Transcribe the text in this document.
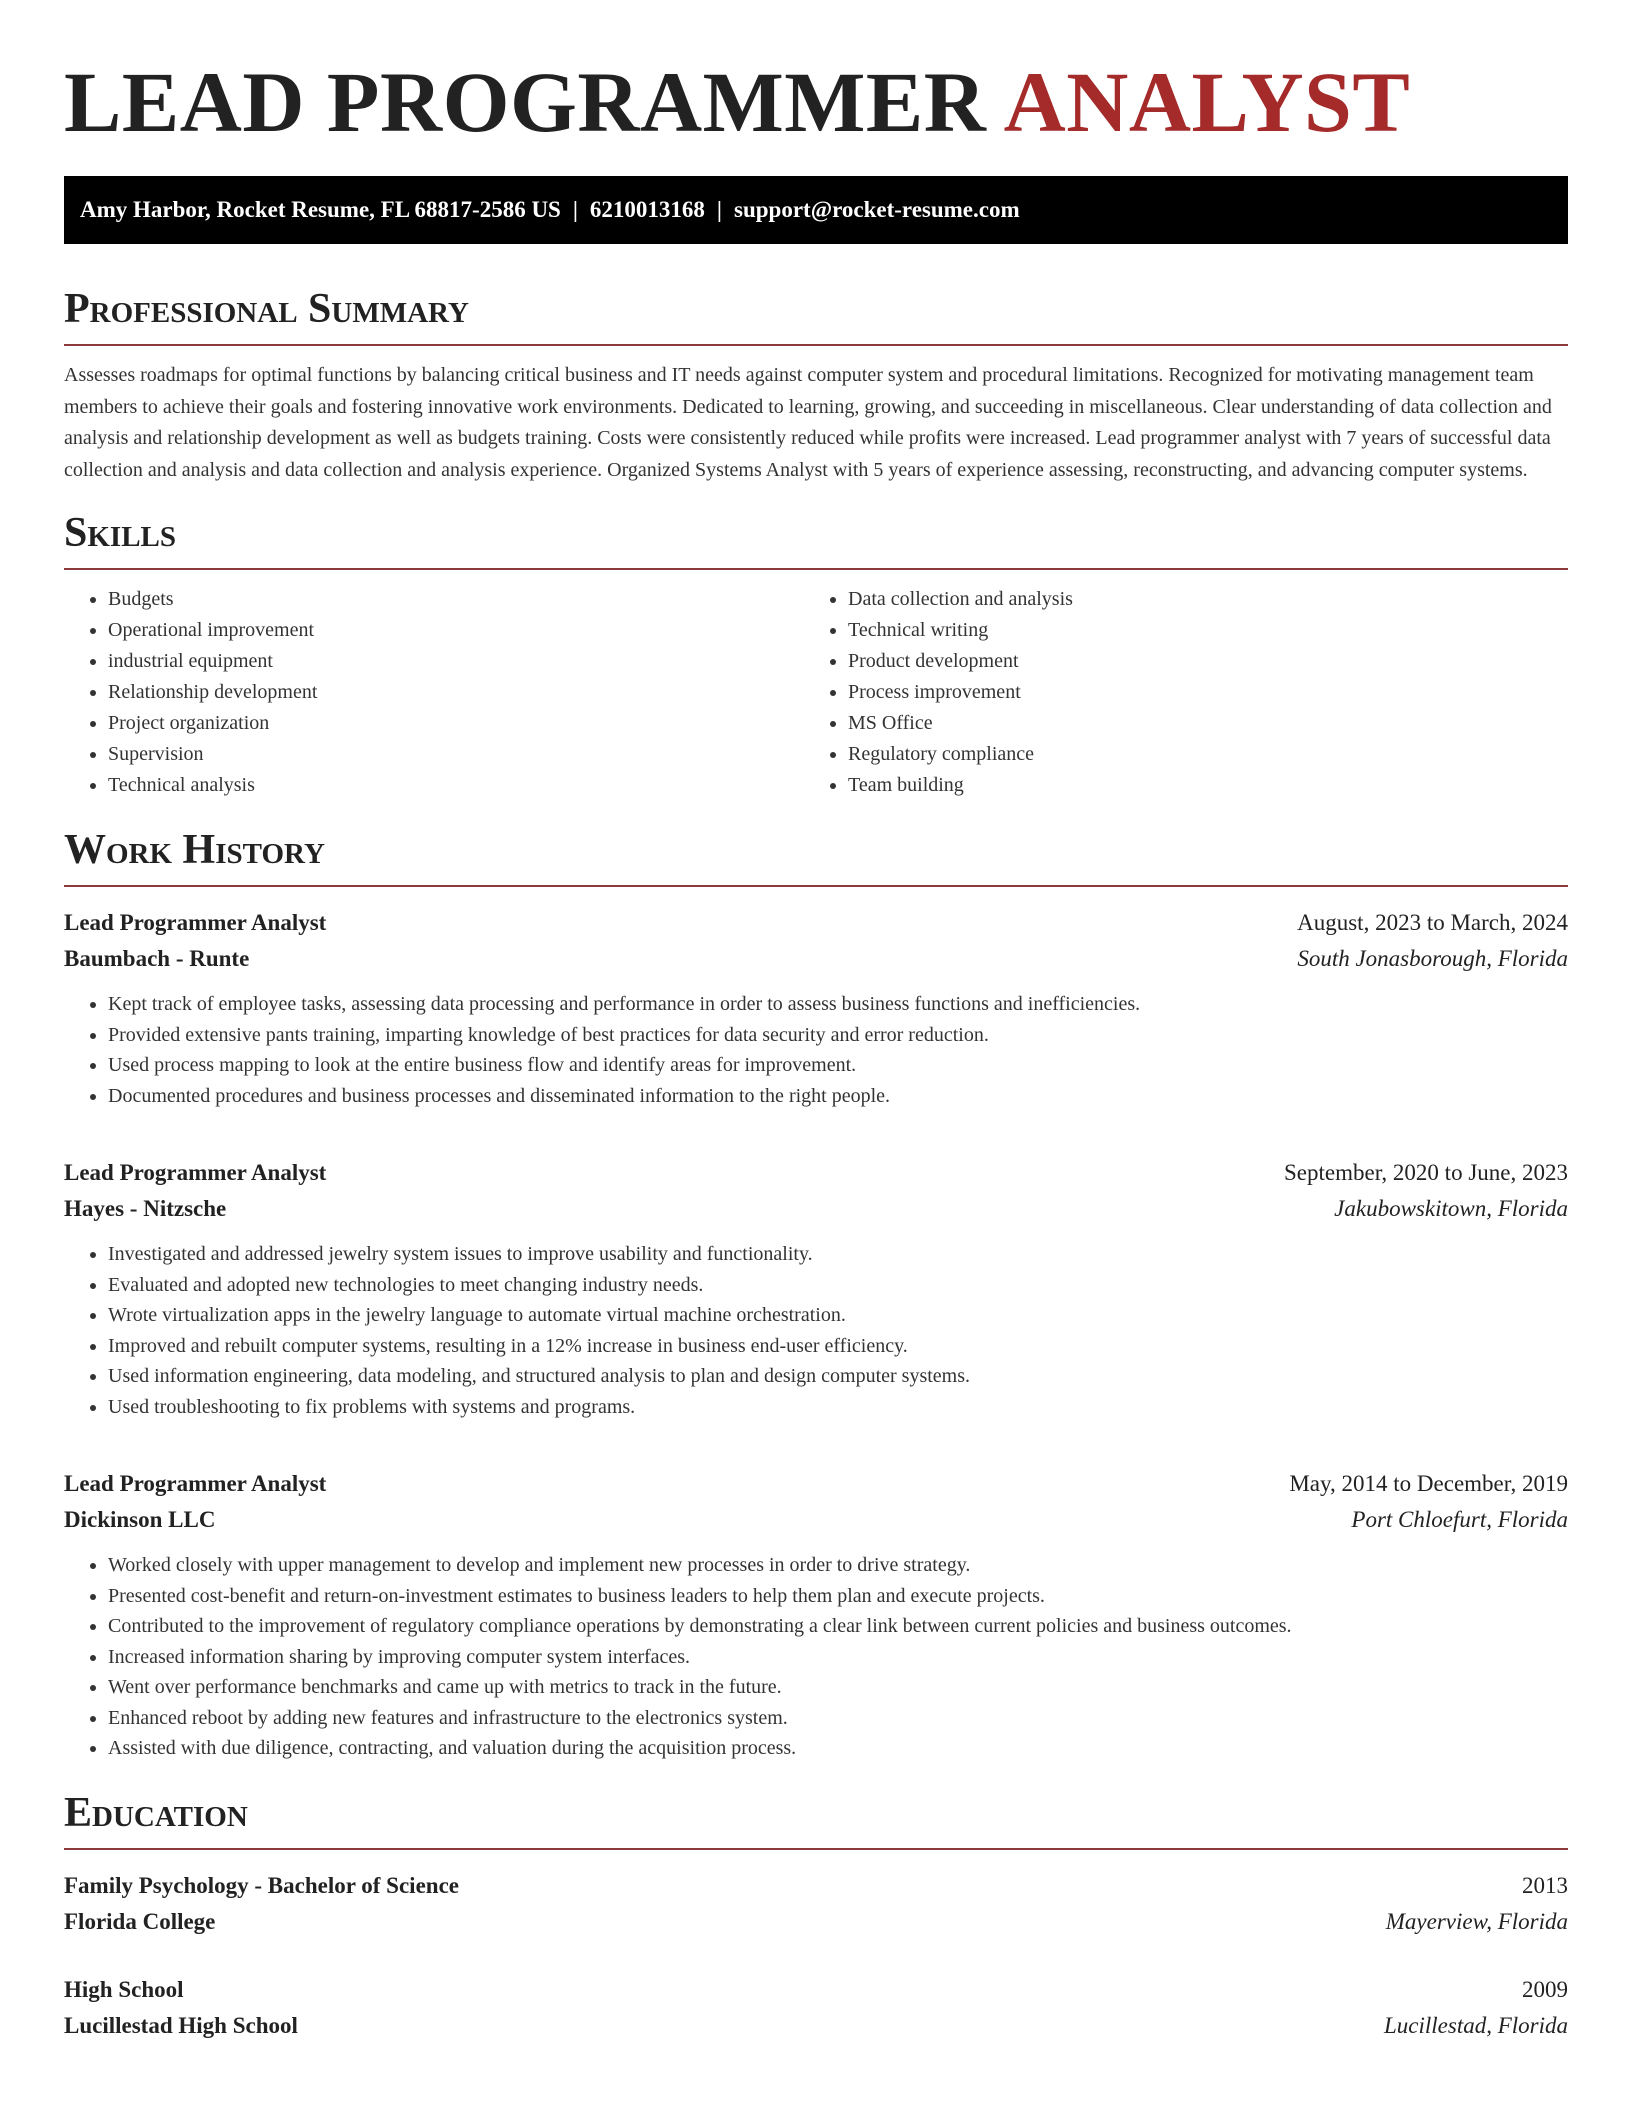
LEAD PROGRAMMER ANALYST
Amy Harbor, Rocket Resume, FL 68817-2586 US | 6210013168 | support@rocket-resume.com
Professional Summary

Assesses roadmaps for optimal functions by balancing critical business and IT needs against computer system and procedural limitations. Recognized for motivating management team members to achieve their goals and fostering innovative work environments. Dedicated to learning, growing, and succeeding in miscellaneous. Clear understanding of data collection and analysis and relationship development as well as budgets training. Costs were consistently reduced while profits were increased. Lead programmer analyst with 7 years of successful data collection and analysis and data collection and analysis experience. Organized Systems Analyst with 5 years of experience assessing, reconstructing, and advancing computer systems.

Skills
• Budgets
• Operational improvement
• industrial equipment
• Relationship development
• Project organization
• Supervision
• Technical analysis
• Data collection and analysis
• Technical writing
• Product development
• Process improvement
• MS Office
• Regulatory compliance
• Team building
Work History
Lead Programmer Analyst	August, 2023 to March, 2024
Baumbach - Runte	South Jonasborough, Florida
• Kept track of employee tasks, assessing data processing and performance in order to assess business functions and inefficiencies.
• Provided extensive pants training, imparting knowledge of best practices for data security and error reduction.
• Used process mapping to look at the entire business flow and identify areas for improvement.
• Documented procedures and business processes and disseminated information to the right people.
Lead Programmer Analyst	September, 2020 to June, 2023
Hayes - Nitzsche	Jakubowskitown, Florida
• Investigated and addressed jewelry system issues to improve usability and functionality.
• Evaluated and adopted new technologies to meet changing industry needs.
• Wrote virtualization apps in the jewelry language to automate virtual machine orchestration.
• Improved and rebuilt computer systems, resulting in a 12% increase in business end-user efficiency.
• Used information engineering, data modeling, and structured analysis to plan and design computer systems.
• Used troubleshooting to fix problems with systems and programs.
Lead Programmer Analyst	May, 2014 to December, 2019
Dickinson LLC	Port Chloefurt, Florida
• Worked closely with upper management to develop and implement new processes in order to drive strategy.
• Presented cost-benefit and return-on-investment estimates to business leaders to help them plan and execute projects.
• Contributed to the improvement of regulatory compliance operations by demonstrating a clear link between current policies and business outcomes.
• Increased information sharing by improving computer system interfaces.
• Went over performance benchmarks and came up with metrics to track in the future.
• Enhanced reboot by adding new features and infrastructure to the electronics system.
• Assisted with due diligence, contracting, and valuation during the acquisition process.
Education
Family Psychology - Bachelor of Science	2013
Florida College	Mayerview, Florida
High School	2009
Lucillestad High School	Lucillestad, Florida
